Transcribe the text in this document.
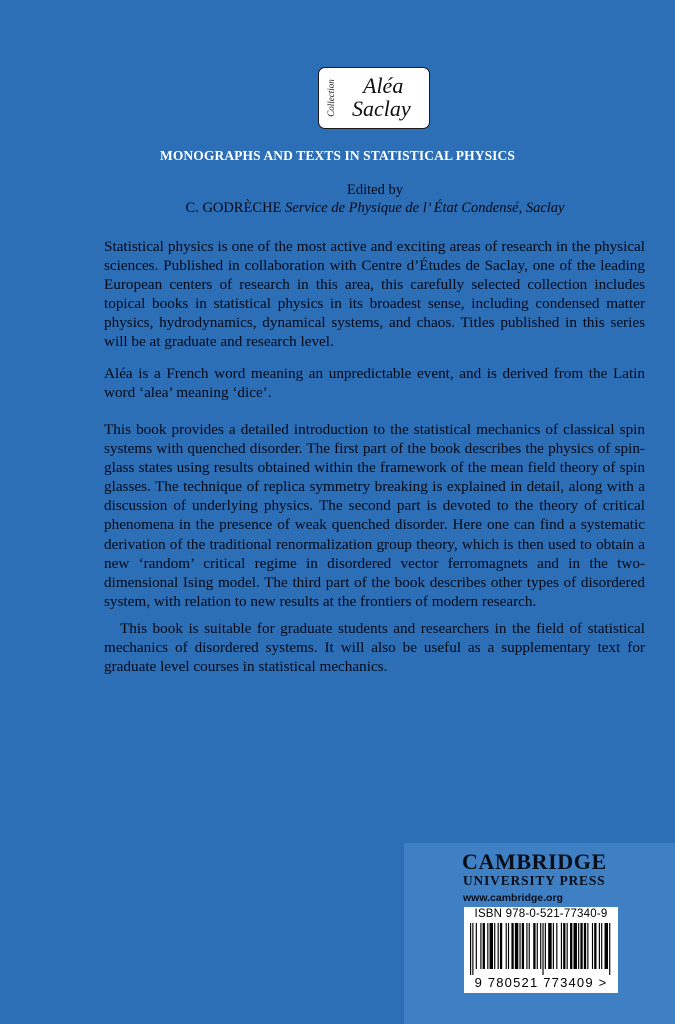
Collection Aléa
Saclay
MONOGRAPHS AND TEXTS IN STATISTICAL PHYSICS
Edited by
C. GODRÈCHE Service de Physique de l’ État Condensé, Saclay

Statistical physics is one of the most active and exciting areas of research in the physical sciences. Published in collaboration with Centre d’Études de Saclay, one of the leading European centers of research in this area, this carefully selected collection includes topical books in statistical physics in its broadest sense, including condensed matter physics, hydrodynamics, dynamical systems, and chaos. Titles published in this series will be at graduate and research level.

Aléa is a French word meaning an unpredictable event, and is derived from the Latin word ‘alea’ meaning ‘dice’.

This book provides a detailed introduction to the statistical mechanics of classical spin systems with quenched disorder. The first part of the book describes the physics of spin-glass states using results obtained within the framework of the mean field theory of spin glasses. The technique of replica symmetry breaking is explained in detail, along with a discussion of underlying physics. The second part is devoted to the theory of critical phenomena in the presence of weak quenched disorder. Here one can find a systematic derivation of the traditional renormalization group theory, which is then used to obtain a new ‘random’ critical regime in disordered vector ferromagnets and in the two-dimensional Ising model. The third part of the book describes other types of disordered system, with relation to new results at the frontiers of modern research.

This book is suitable for graduate students and researchers in the field of statistical mechanics of disordered systems. It will also be useful as a supplementary text for graduate level courses in statistical mechanics.

CAMBRIDGE
UNIVERSITY PRESS
www.cambridge.org
ISBN 978-0-521-77340-9
9 780521 773409 >
